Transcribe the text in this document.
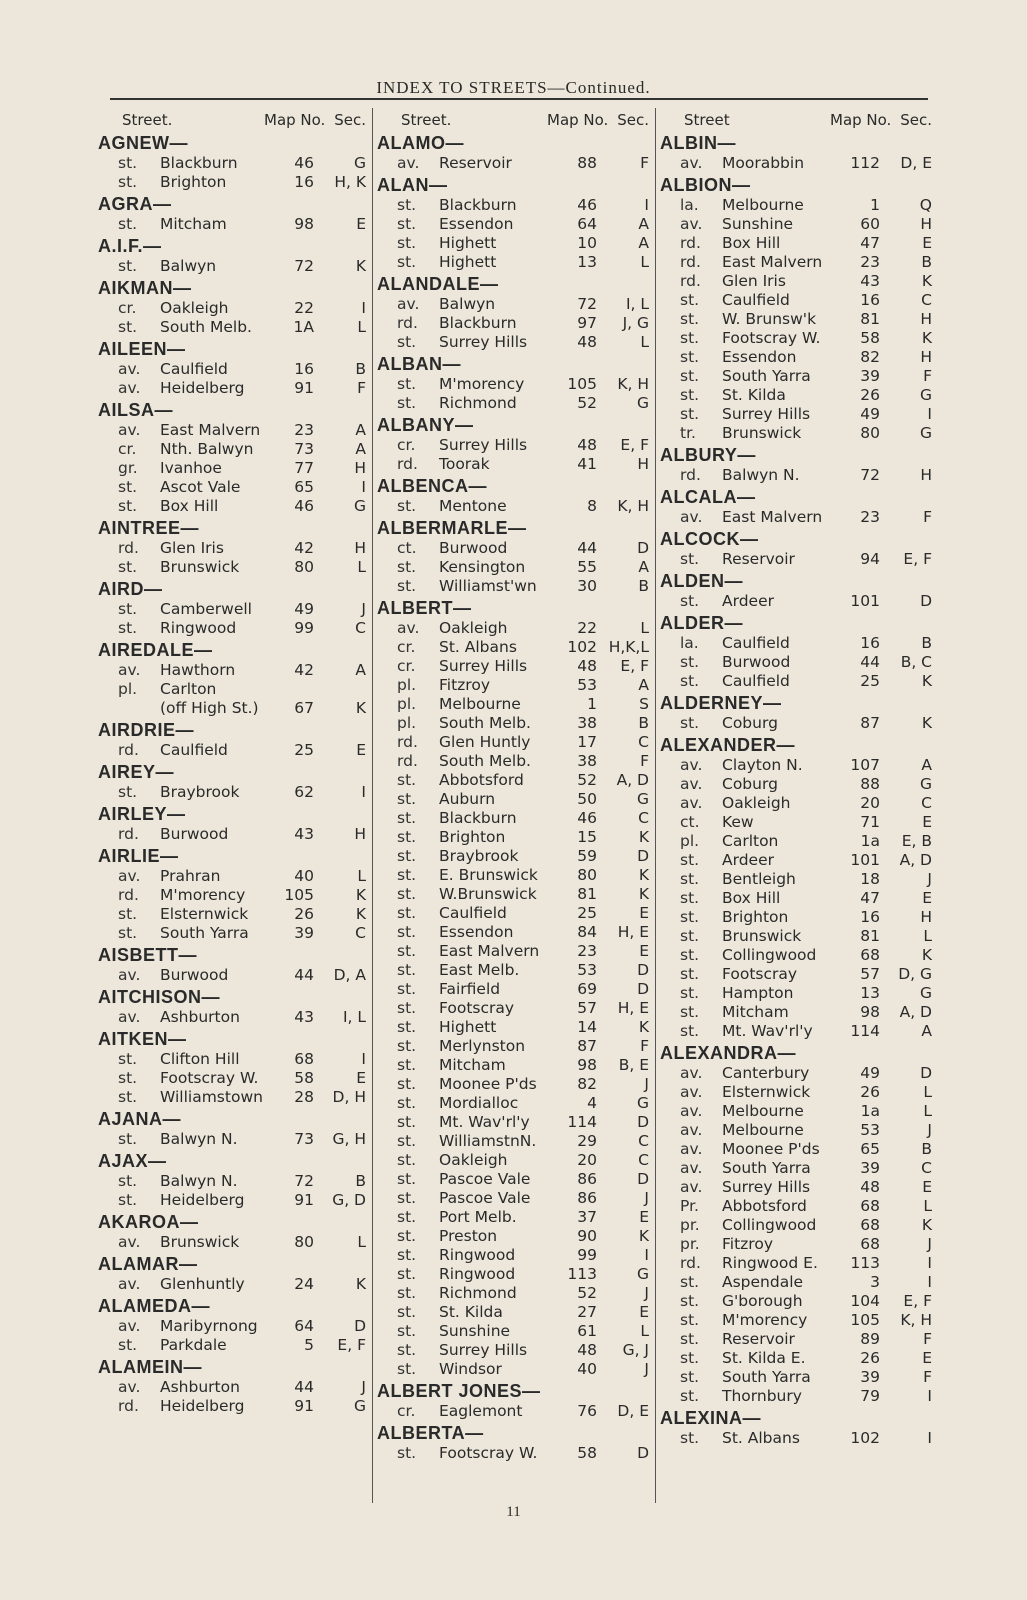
INDEX TO STREETS—Continued.
Street.	Map No. Sec.
AGNEW—
st.	Blackburn	46	G
st.	Brighton	16	H, K
AGRA—
st.	Mitcham	98	E
A.I.F.—
st.	Balwyn	72	K
AIKMAN—
cr.	Oakleigh	22	I
st.	South Melb.	1A	L
AILEEN—
av.	Caulfield	16	B
av.	Heidelberg	91	F
AILSA—
av.	East Malvern	23	A
cr.	Nth. Balwyn	73	A
gr.	Ivanhoe	77	H
st.	Ascot Vale	65	I
st.	Box Hill	46	G
AINTREE—
rd.	Glen Iris	42	H
st.	Brunswick	80	L
AIRD—
st.	Camberwell	49	J
st.	Ringwood	99	C
AIREDALE—
av.	Hawthorn	42	A
pl.	Carlton
(off High St.)	67	K
AIRDRIE—
rd.	Caulfield	25	E
AIREY—
st.	Braybrook	62	I
AIRLEY—
rd.	Burwood	43	H
AIRLIE—
av.	Prahran	40	L
rd.	M'morency	105	K
st.	Elsternwick	26	K
st.	South Yarra	39	C
AISBETT—
av.	Burwood	44	D, A
AITCHISON—
av.	Ashburton	43	I, L
AITKEN—
st.	Clifton Hill	68	I
st.	Footscray W.	58	E
st.	Williamstown	28	D, H
AJANA—
st.	Balwyn N.	73	G, H
AJAX—
st.	Balwyn N.	72	B
st.	Heidelberg	91	G, D
AKAROA—
av.	Brunswick	80	L
ALAMAR—
av.	Glenhuntly	24	K
ALAMEDA—
av.	Maribyrnong	64	D
st.	Parkdale	5	E, F
ALAMEIN—
av.	Ashburton	44	J
rd.	Heidelberg	91	G
Street.	Map No. Sec.
ALAMO—
av.	Reservoir	88	F
ALAN—
st.	Blackburn	46	I
st.	Essendon	64	A
st.	Highett	10	A
st.	Highett	13	L
ALANDALE—
av.	Balwyn	72	I, L
rd.	Blackburn	97	J, G
st.	Surrey Hills	48	L
ALBAN—
st.	M'morency	105	K, H
st.	Richmond	52	G
ALBANY—
cr.	Surrey Hills	48	E, F
rd.	Toorak	41	H
ALBENCA—
st.	Mentone	8	K, H
ALBERMARLE—
ct.	Burwood	44	D
st.	Kensington	55	A
st.	Williamst'wn	30	B
ALBERT—
av.	Oakleigh	22	L
cr.	St. Albans	102 H,K,L
cr.	Surrey Hills	48	E, F
pl.	Fitzroy	53	A
pl.	Melbourne	1	S
pl.	South Melb.	38	B
rd.	Glen Huntly	17	C
rd.	South Melb.	38	F
st.	Abbotsford	52	A, D
st.	Auburn	50	G
st.	Blackburn	46	C
st.	Brighton	15	K
st.	Braybrook	59	D
st.	E. Brunswick	80	K
st.	W.Brunswick	81	K
st.	Caulfield	25	E
st.	Essendon	84	H, E
st.	East Malvern	23	E
st.	East Melb.	53	D
st.	Fairfield	69	D
st.	Footscray	57	H, E
st.	Highett	14	K
st.	Merlynston	87	F
st.	Mitcham	98	B, E
st.	Moonee P'ds	82	J
st.	Mordialloc	4	G
st.	Mt. Wav'rl'y	114	D
st.	WilliamstnN.	29	C
st.	Oakleigh	20	C
st.	Pascoe Vale	86	D
st.	Pascoe Vale	86	J
st.	Port Melb.	37	E
st.	Preston	90	K
st.	Ringwood	99	I
st.	Ringwood	113	G
st.	Richmond	52	J
st.	St. Kilda	27	E
st.	Sunshine	61	L
st.	Surrey Hills	48	G, J
st.	Windsor	40	J
ALBERT JONES—
cr.	Eaglemont	76	D, E
ALBERTA—
st.	Footscray W.	58	D
Street	Map No. Sec.
ALBIN—
av.	Moorabbin	112	D, E
ALBION—
la.	Melbourne	1	Q
av.	Sunshine	60	H
rd.	Box Hill	47	E
rd.	East Malvern	23	B
rd.	Glen Iris	43	K
st.	Caulfield	16	C
st.	W. Brunsw'k	81	H
st.	Footscray W.	58	K
st.	Essendon	82	H
st.	South Yarra	39	F
st.	St. Kilda	26	G
st.	Surrey Hills	49	I
tr.	Brunswick	80	G
ALBURY—
rd.	Balwyn N.	72	H
ALCALA—
av.	East Malvern	23	F
ALCOCK—
st.	Reservoir	94	E, F
ALDEN—
st.	Ardeer	101	D
ALDER—
la.	Caulfield	16	B
st.	Burwood	44	B, C
st.	Caulfield	25	K
ALDERNEY—
st.	Coburg	87	K
ALEXANDER—
av.	Clayton N.	107	A
av.	Coburg	88	G
av.	Oakleigh	20	C
ct.	Kew	71	E
pl.	Carlton	1a	E, B
st.	Ardeer	101	A, D
st.	Bentleigh	18	J
st.	Box Hill	47	E
st.	Brighton	16	H
st.	Brunswick	81	L
st.	Collingwood	68	K
st.	Footscray	57	D, G
st.	Hampton	13	G
st.	Mitcham	98	A, D
st.	Mt. Wav'rl'y	114	A
ALEXANDRA—
av.	Canterbury	49	D
av.	Elsternwick	26	L
av.	Melbourne	1a	L
av.	Melbourne	53	J
av.	Moonee P'ds	65	B
av.	South Yarra	39	C
av.	Surrey Hills	48	E
Pr.	Abbotsford	68	L
pr.	Collingwood	68	K
pr.	Fitzroy	68	J
rd.	Ringwood E.	113	I
st.	Aspendale	3	I
st.	G'borough	104	E, F
st.	M'morency	105	K, H
st.	Reservoir	89	F
st.	St. Kilda E.	26	E
st.	South Yarra	39	F
st.	Thornbury	79	I
ALEXINA—
st.	St. Albans	102	I
11
